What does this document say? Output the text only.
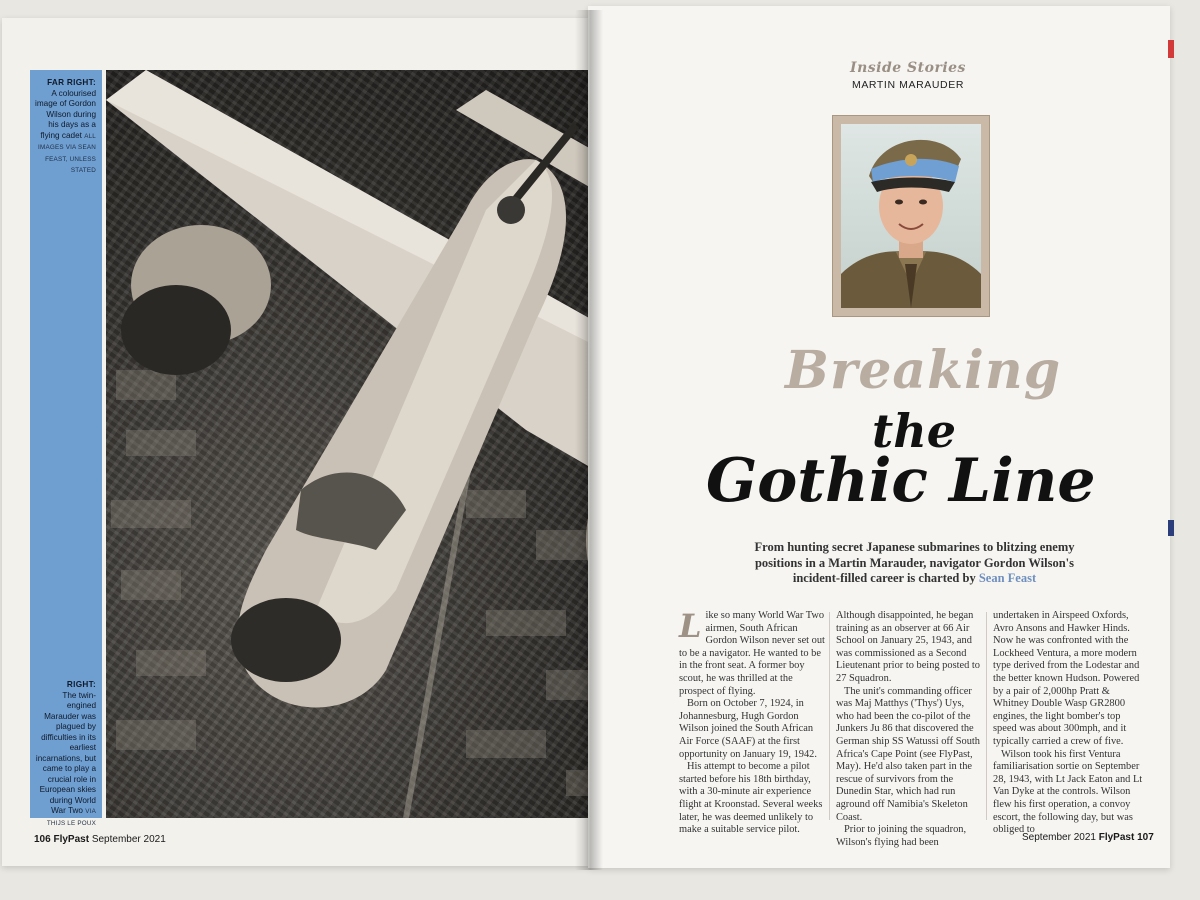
FAR RIGHT:
A colourised image of Gordon Wilson during his days as a flying cadet ALL IMAGES VIA SEAN FEAST, UNLESS STATED
RIGHT:
The twin-engined Marauder was plagued by difficulties in its earliest incarnations, but came to play a crucial role in European skies during World War Two VIA THIJS LE POUX
106 FlyPast September 2021
Inside Stories
MARTIN MARAUDER
Breaking
the
Gothic Line
From hunting secret Japanese submarines to blitzing enemy positions in a Martin Marauder, navigator Gordon Wilson's incident-filled career is charted by Sean Feast
L ike so many World War Two airmen, South African Gordon Wilson never set out to be a navigator. He wanted to be in the front seat. A former boy scout, he was thrilled at the prospect of flying.

Born on October 7, 1924, in Johannesburg, Hugh Gordon Wilson joined the South African Air Force (SAAF) at the first opportunity on January 19, 1942.

His attempt to become a pilot started before his 18th birthday, with a 30-minute air experience flight at Kroonstad. Several weeks later, he was deemed unlikely to make a suitable service pilot.

Although disappointed, he began training as an observer at 66 Air School on January 25, 1943, and was commissioned as a Second Lieutenant prior to being posted to 27 Squadron.

The unit's commanding officer was Maj Matthys ('Thys') Uys, who had been the co-pilot of the Junkers Ju 86 that discovered the German ship SS Watussi off South Africa's Cape Point (see FlyPast, May). He'd also taken part in the rescue of survivors from the Dunedin Star, which had run aground off Namibia's Skeleton Coast.

Prior to joining the squadron, Wilson's flying had been

undertaken in Airspeed Oxfords, Avro Ansons and Hawker Hinds. Now he was confronted with the Lockheed Ventura, a more modern type derived from the Lodestar and the better known Hudson. Powered by a pair of 2,000hp Pratt & Whitney Double Wasp GR2800 engines, the light bomber's top speed was about 300mph, and it typically carried a crew of five.

Wilson took his first Ventura familiarisation sortie on September 28, 1943, with Lt Jack Eaton and Lt Van Dyke at the controls. Wilson flew his first operation, a convoy escort, the following day, but was obliged to

September 2021 FlyPast 107
